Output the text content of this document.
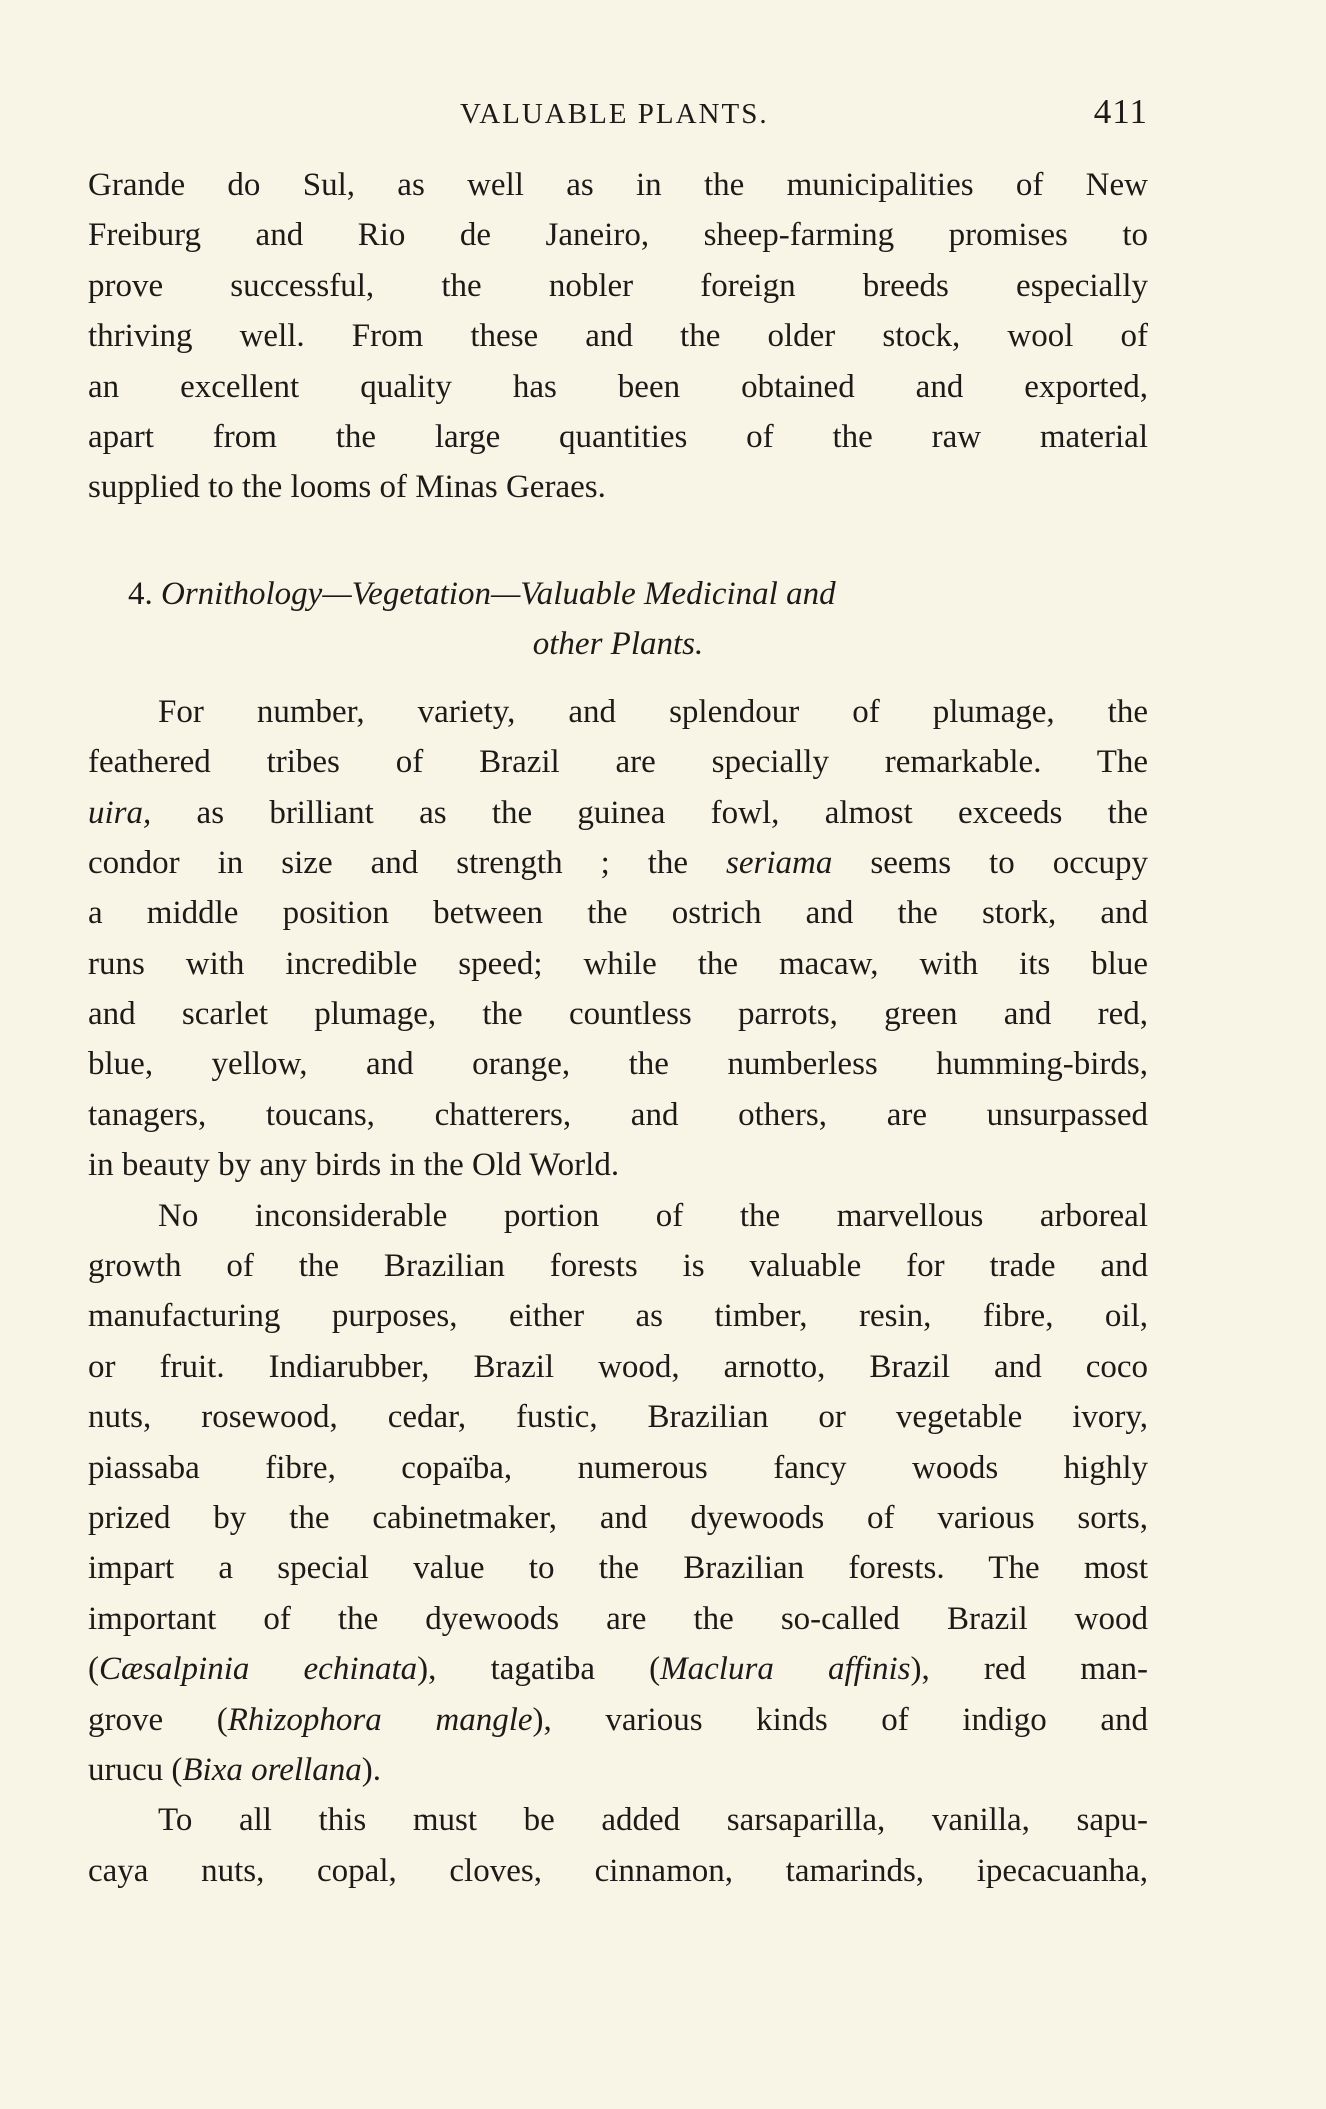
VALUABLE PLANTS.	411
Grande do Sul, as well as in the municipalities of New
Freiburg and Rio de Janeiro, sheep-farming promises to
prove successful, the nobler foreign breeds especially
thriving well. From these and the older stock, wool of
an excellent quality has been obtained and exported,
apart from the large quantities of the raw material
supplied to the looms of Minas Geraes.
4. Ornithology—Vegetation—Valuable Medicinal and
other Plants.
For number, variety, and splendour of plumage, the
feathered tribes of Brazil are specially remarkable. The
uira, as brilliant as the guinea fowl, almost exceeds the
condor in size and strength ; the seriama seems to occupy
a middle position between the ostrich and the stork, and
runs with incredible speed; while the macaw, with its blue
and scarlet plumage, the countless parrots, green and red,
blue, yellow, and orange, the numberless humming-birds,
tanagers, toucans, chatterers, and others, are unsurpassed
in beauty by any birds in the Old World.
No inconsiderable portion of the marvellous arboreal
growth of the Brazilian forests is valuable for trade and
manufacturing purposes, either as timber, resin, fibre, oil,
or fruit. Indiarubber, Brazil wood, arnotto, Brazil and coco
nuts, rosewood, cedar, fustic, Brazilian or vegetable ivory,
piassaba fibre, copaïba, numerous fancy woods highly
prized by the cabinetmaker, and dyewoods of various sorts,
impart a special value to the Brazilian forests. The most
important of the dyewoods are the so-called Brazil wood
(Cæsalpinia echinata), tagatiba (Maclura affinis), red man-
grove (Rhizophora mangle), various kinds of indigo and
urucu (Bixa orellana).
To all this must be added sarsaparilla, vanilla, sapu-
caya nuts, copal, cloves, cinnamon, tamarinds, ipecacuanha,
